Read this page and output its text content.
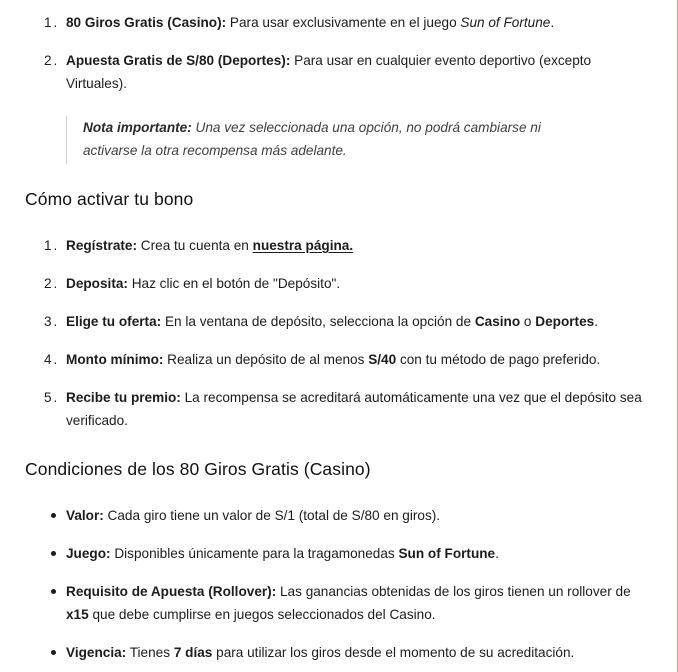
1. 80 Giros Gratis (Casino): Para usar exclusivamente en el juego Sun of Fortune.
2. Apuesta Gratis de S/80 (Deportes): Para usar en cualquier evento deportivo (excepto Virtuales).
Nota importante: Una vez seleccionada una opción, no podrá cambiarse ni activarse la otra recompensa más adelante.
Cómo activar tu bono
1. Regístrate: Crea tu cuenta en nuestra página.
2. Deposita: Haz clic en el botón de "Depósito".
3. Elige tu oferta: En la ventana de depósito, selecciona la opción de Casino o Deportes.
4. Monto mínimo: Realiza un depósito de al menos S/40 con tu método de pago preferido.
5. Recibe tu premio: La recompensa se acreditará automáticamente una vez que el depósito sea verificado.
Condiciones de los 80 Giros Gratis (Casino)
Valor: Cada giro tiene un valor de S/1 (total de S/80 en giros).
Juego: Disponibles únicamente para la tragamonedas Sun of Fortune.
Requisito de Apuesta (Rollover): Las ganancias obtenidas de los giros tienen un rollover de x15 que debe cumplirse en juegos seleccionados del Casino.
Vigencia: Tienes 7 días para utilizar los giros desde el momento de su acreditación.
